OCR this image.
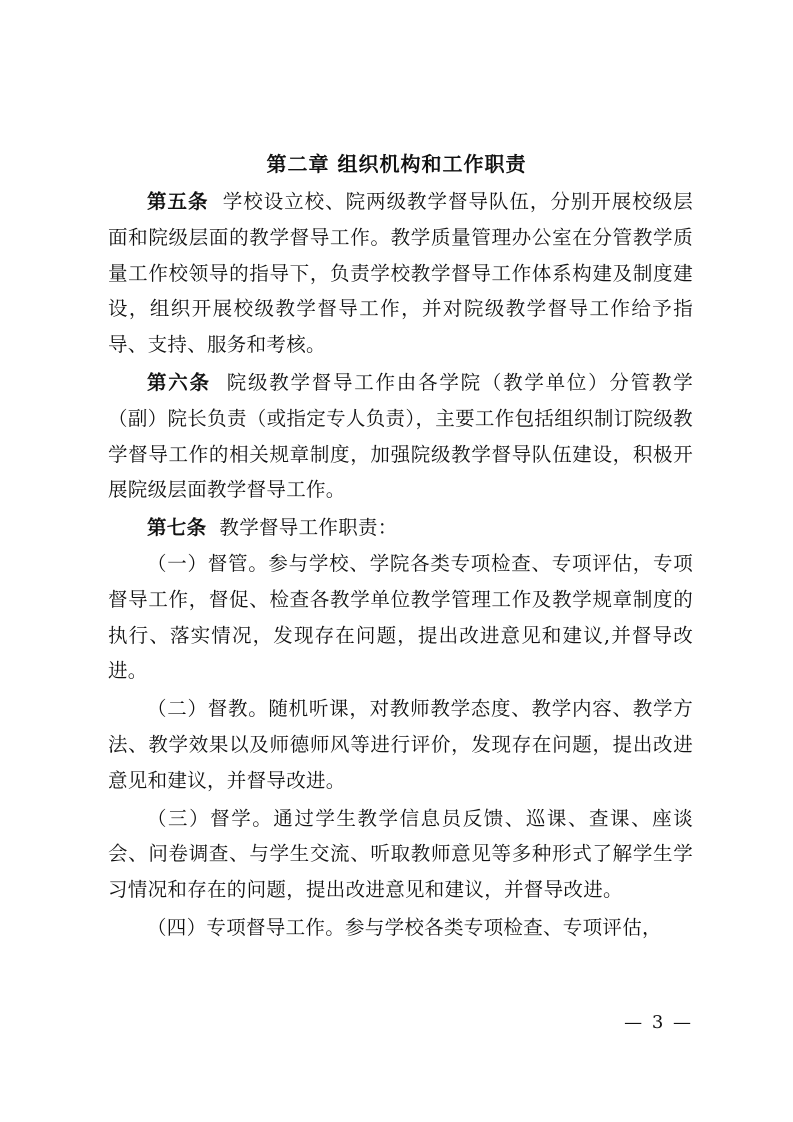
第二章 组织机构和工作职责

第五条 学校设立校、院两级教学督导队伍，分别开展校级层面和院级层面的教学督导工作。教学质量管理办公室在分管教学质量工作校领导的指导下，负责学校教学督导工作体系构建及制度建设，组织开展校级教学督导工作，并对院级教学督导工作给予指导、支持、服务和考核。

第六条 院级教学督导工作由各学院（教学单位）分管教学（副）院长负责（或指定专人负责），主要工作包括组织制订院级教学督导工作的相关规章制度，加强院级教学督导队伍建设，积极开展院级层面教学督导工作。

第七条 教学督导工作职责：

（一）督管。参与学校、学院各类专项检查、专项评估，专项督导工作，督促、检查各教学单位教学管理工作及教学规章制度的执行、落实情况，发现存在问题，提出改进意见和建议,并督导改进。

（二）督教。随机听课，对教师教学态度、教学内容、教学方法、教学效果以及师德师风等进行评价，发现存在问题，提出改进意见和建议，并督导改进。

（三）督学。通过学生教学信息员反馈、巡课、查课、座谈会、问卷调查、与学生交流、听取教师意见等多种形式了解学生学习情况和存在的问题，提出改进意见和建议，并督导改进。

（四）专项督导工作。参与学校各类专项检查、专项评估，

— 3 —
